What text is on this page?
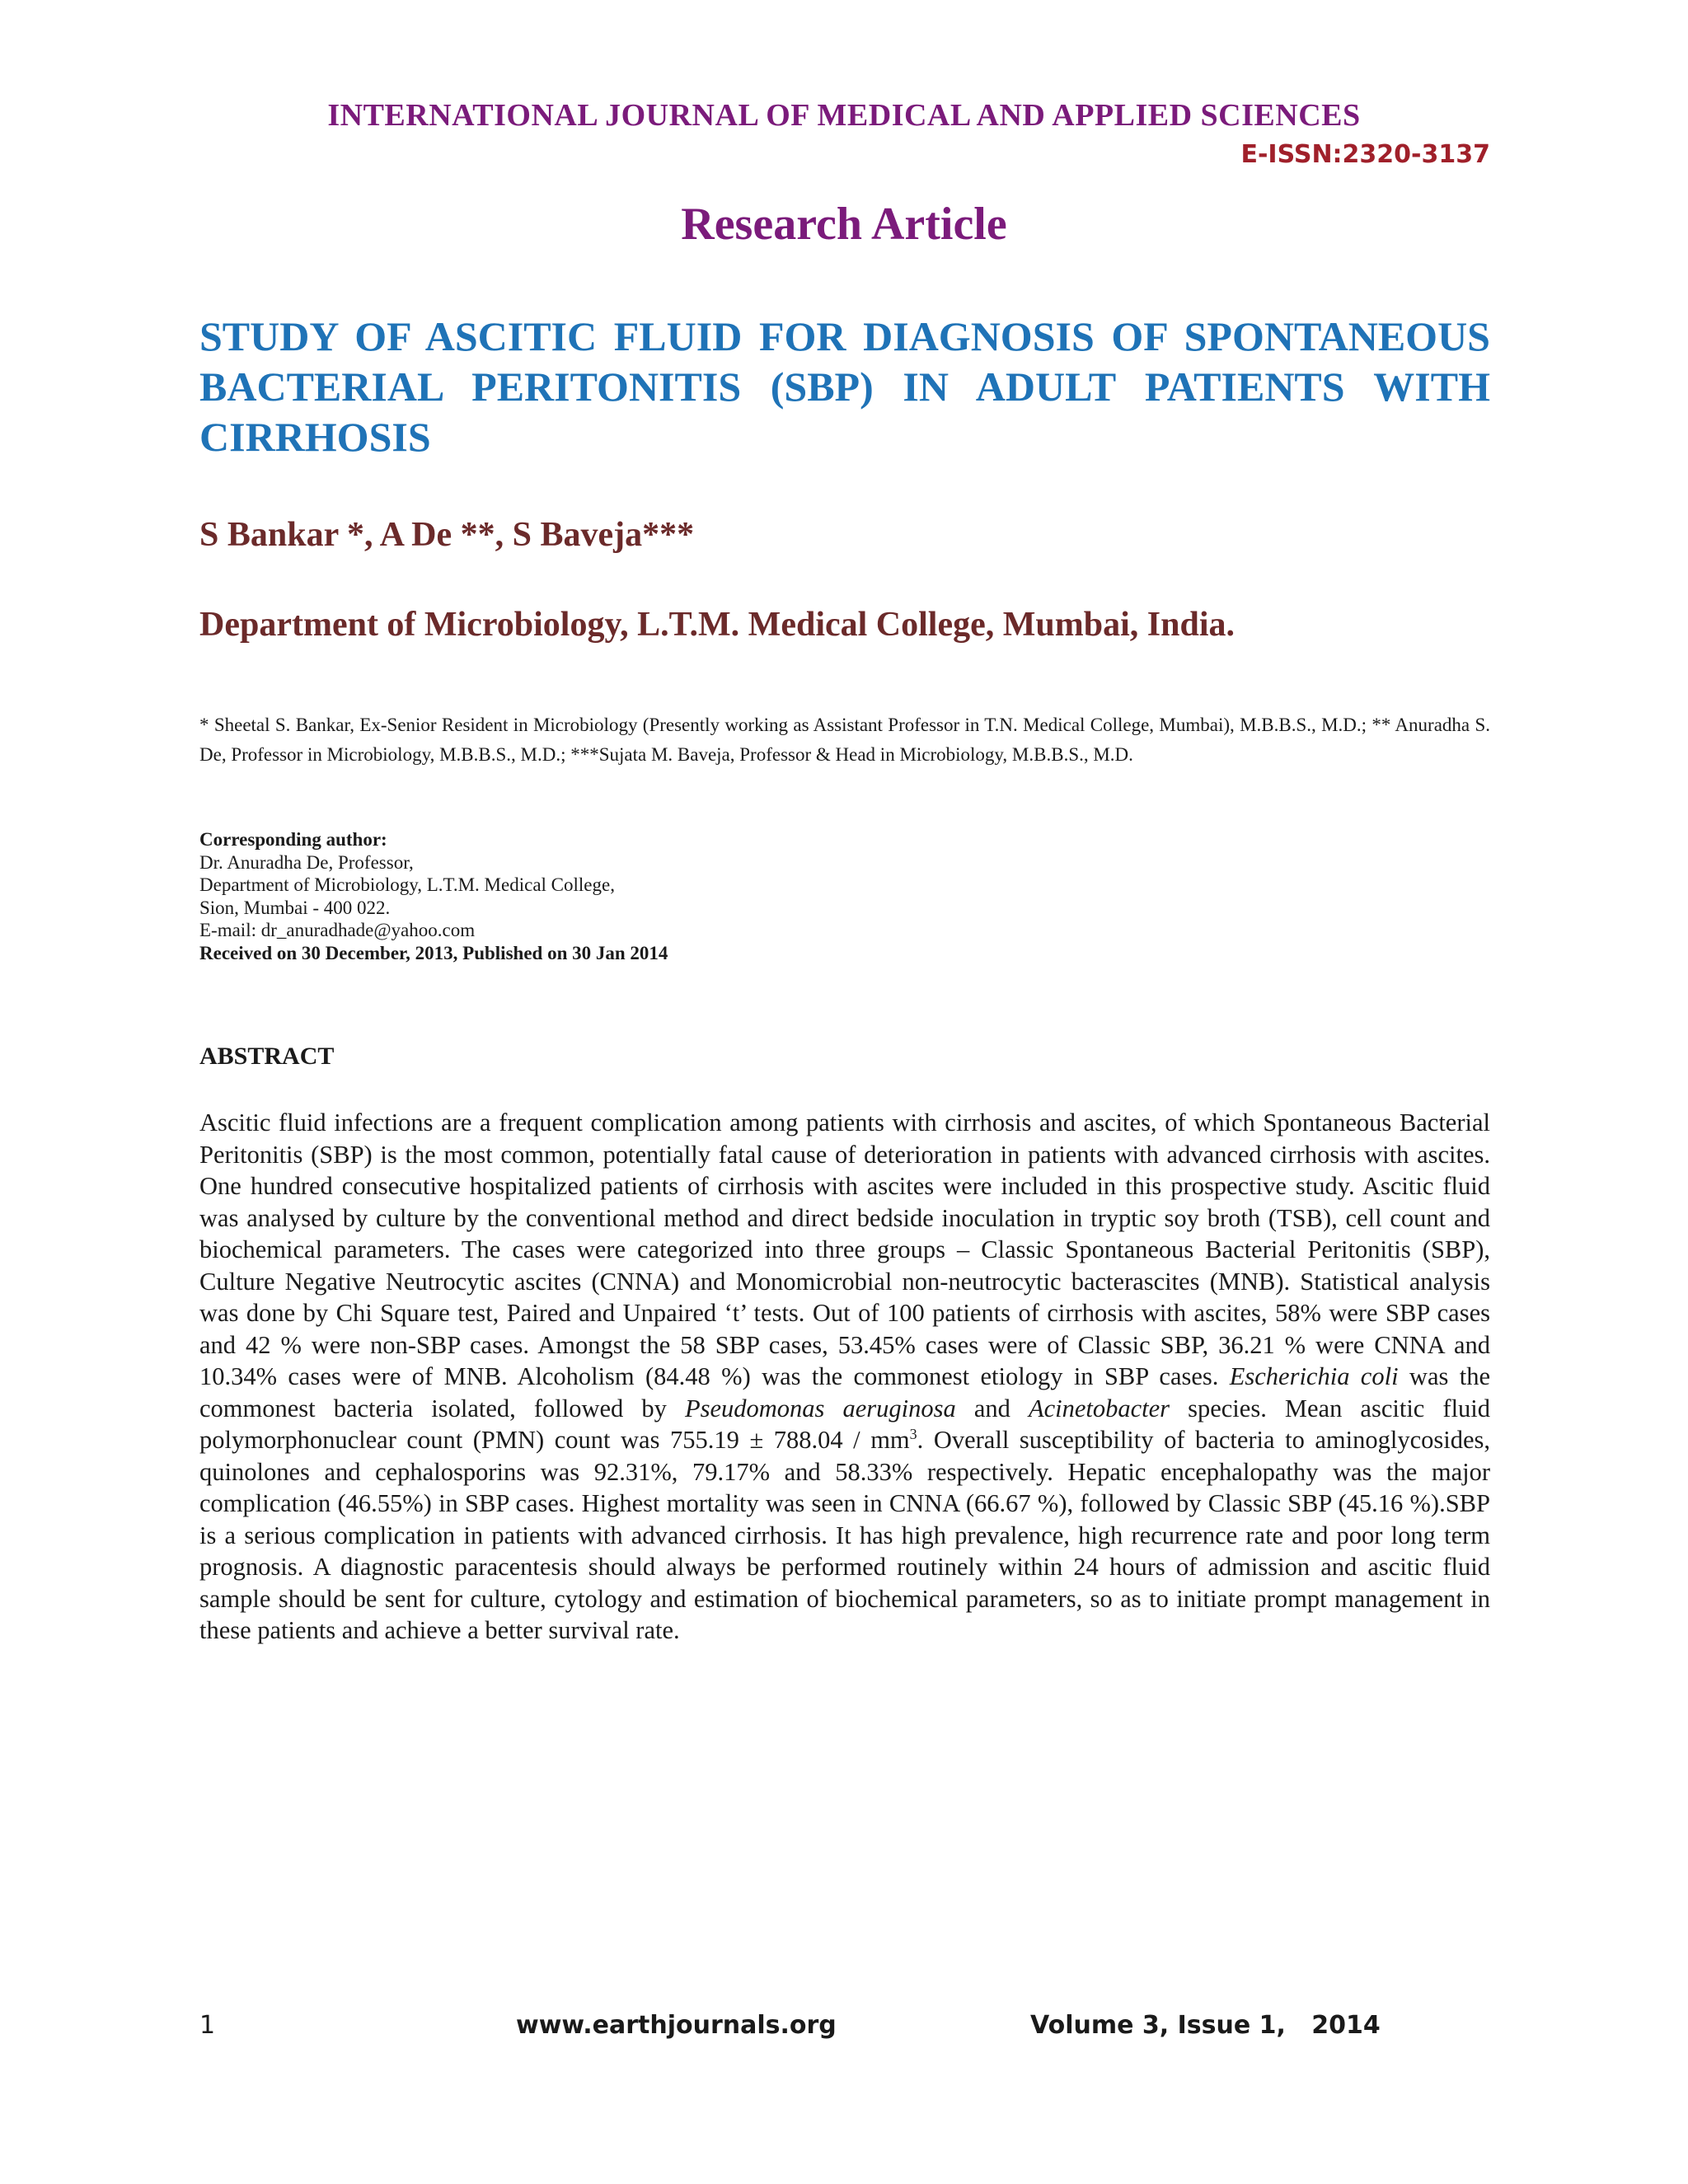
INTERNATIONAL JOURNAL OF MEDICAL AND APPLIED SCIENCES
E-ISSN:2320-3137
Research Article
STUDY OF ASCITIC FLUID FOR DIAGNOSIS OF SPONTANEOUS BACTERIAL PERITONITIS (SBP) IN ADULT PATIENTS WITH CIRRHOSIS
S Bankar *, A De **, S Baveja***
Department of Microbiology, L.T.M. Medical College, Mumbai, India.
* Sheetal S. Bankar, Ex-Senior Resident in Microbiology (Presently working as Assistant Professor in T.N. Medical College, Mumbai), M.B.B.S., M.D.; ** Anuradha S. De, Professor in Microbiology, M.B.B.S., M.D.; ***Sujata M. Baveja, Professor & Head in Microbiology, M.B.B.S., M.D.
Corresponding author:
Dr. Anuradha De, Professor,
Department of Microbiology, L.T.M. Medical College,
Sion, Mumbai - 400 022.
E-mail: dr_anuradhade@yahoo.com
Received on 30 December, 2013, Published on 30 Jan 2014
ABSTRACT
Ascitic fluid infections are a frequent complication among patients with cirrhosis and ascites, of which Spontaneous Bacterial Peritonitis (SBP) is the most common, potentially fatal cause of deterioration in patients with advanced cirrhosis with ascites. One hundred consecutive hospitalized patients of cirrhosis with ascites were included in this prospective study. Ascitic fluid was analysed by culture by the conventional method and direct bedside inoculation in tryptic soy broth (TSB), cell count and biochemical parameters. The cases were categorized into three groups – Classic Spontaneous Bacterial Peritonitis (SBP), Culture Negative Neutrocytic ascites (CNNA) and Monomicrobial non-neutrocytic bacterascites (MNB). Statistical analysis was done by Chi Square test, Paired and Unpaired ‘t’ tests. Out of 100 patients of cirrhosis with ascites, 58% were SBP cases and 42 % were non-SBP cases. Amongst the 58 SBP cases, 53.45% cases were of Classic SBP, 36.21 % were CNNA and 10.34% cases were of MNB. Alcoholism (84.48 %) was the commonest etiology in SBP cases. Escherichia coli was the commonest bacteria isolated, followed by Pseudomonas aeruginosa and Acinetobacter species. Mean ascitic fluid polymorphonuclear count (PMN) count was $755.19 \pm 788.04 / mm^3$. Overall susceptibility of bacteria to aminoglycosides, quinolones and cephalosporins was 92.31%, 79.17% and 58.33% respectively. Hepatic encephalopathy was the major complication (46.55%) in SBP cases. Highest mortality was seen in CNNA (66.67 %), followed by Classic SBP (45.16 %).SBP is a serious complication in patients with advanced cirrhosis. It has high prevalence, high recurrence rate and poor long term prognosis. A diagnostic paracentesis should always be performed routinely within 24 hours of admission and ascitic fluid sample should be sent for culture, cytology and estimation of biochemical parameters, so as to initiate prompt management in these patients and achieve a better survival rate.
1	www.earthjournals.org	Volume 3, Issue 1,   2014
